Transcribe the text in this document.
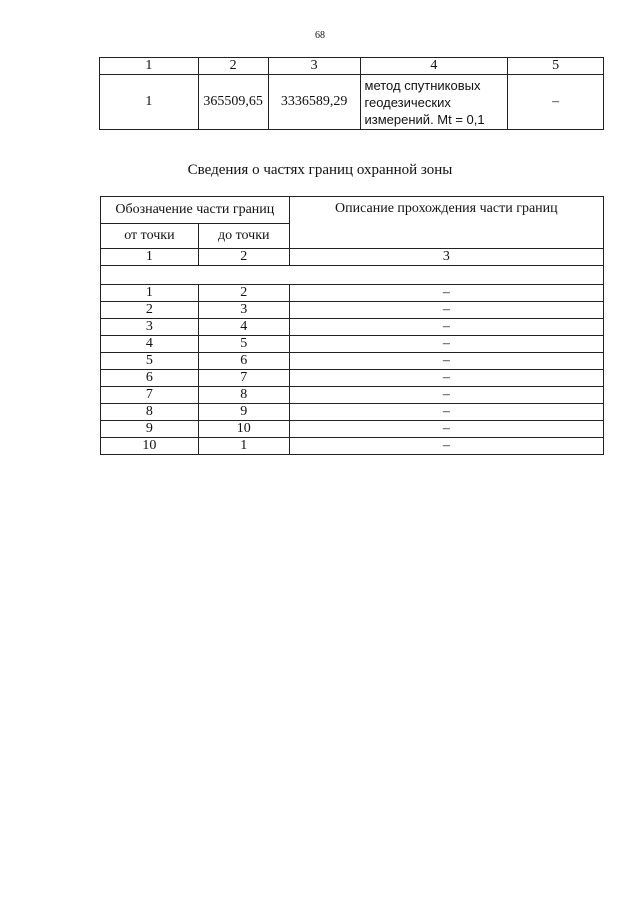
68
1	2	3	4	5
1	365509,65	3336589,29	метод спутниковых
геодезических
измерений. Mt = 0,1	–
Сведения о частях границ охранной зоны
Обозначение части границ		Описание прохождения части границ
от точки	до точки	
1	2	3

1	2	–
2	3	–
3	4	–
4	5	–
5	6	–
6	7	–
7	8	–
8	9	–
9	10	–
10	1	–
